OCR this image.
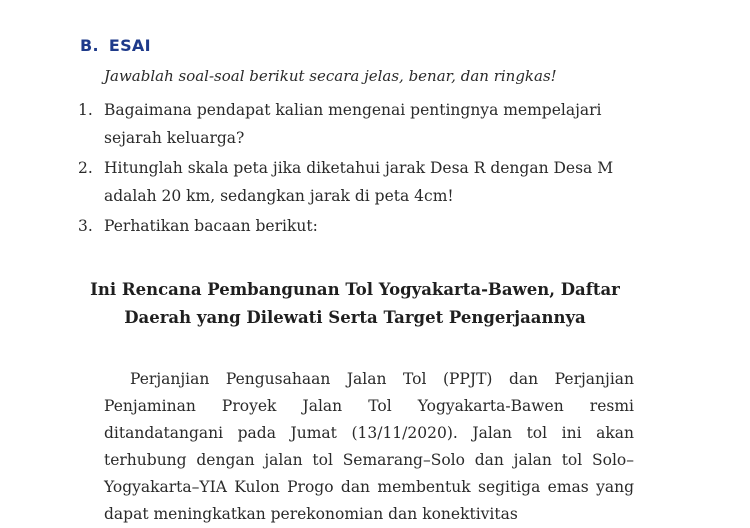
B. ESAI
Jawablah soal-soal berikut secara jelas, benar, dan ringkas!
1. Bagaimana pendapat kalian mengenai pentingnya mempelajari sejarah keluarga?
2. Hitunglah skala peta jika diketahui jarak Desa R dengan Desa M adalah 20 km, sedangkan jarak di peta 4cm!
3. Perhatikan bacaan berikut:
Ini Rencana Pembangunan Tol Yogyakarta-Bawen, Daftar Daerah yang Dilewati Serta Target Pengerjaannya
Perjanjian Pengusahaan Jalan Tol (PPJT) dan Perjanjian Penjaminan Proyek Jalan Tol Yogyakarta-Bawen resmi ditandatangani pada Jumat (13/11/2020). Jalan tol ini akan terhubung dengan jalan tol Semarang–Solo dan jalan tol Solo–Yogyakarta–YIA Kulon Progo dan membentuk segitiga emas yang dapat meningkatkan perekonomian dan konektivitas
